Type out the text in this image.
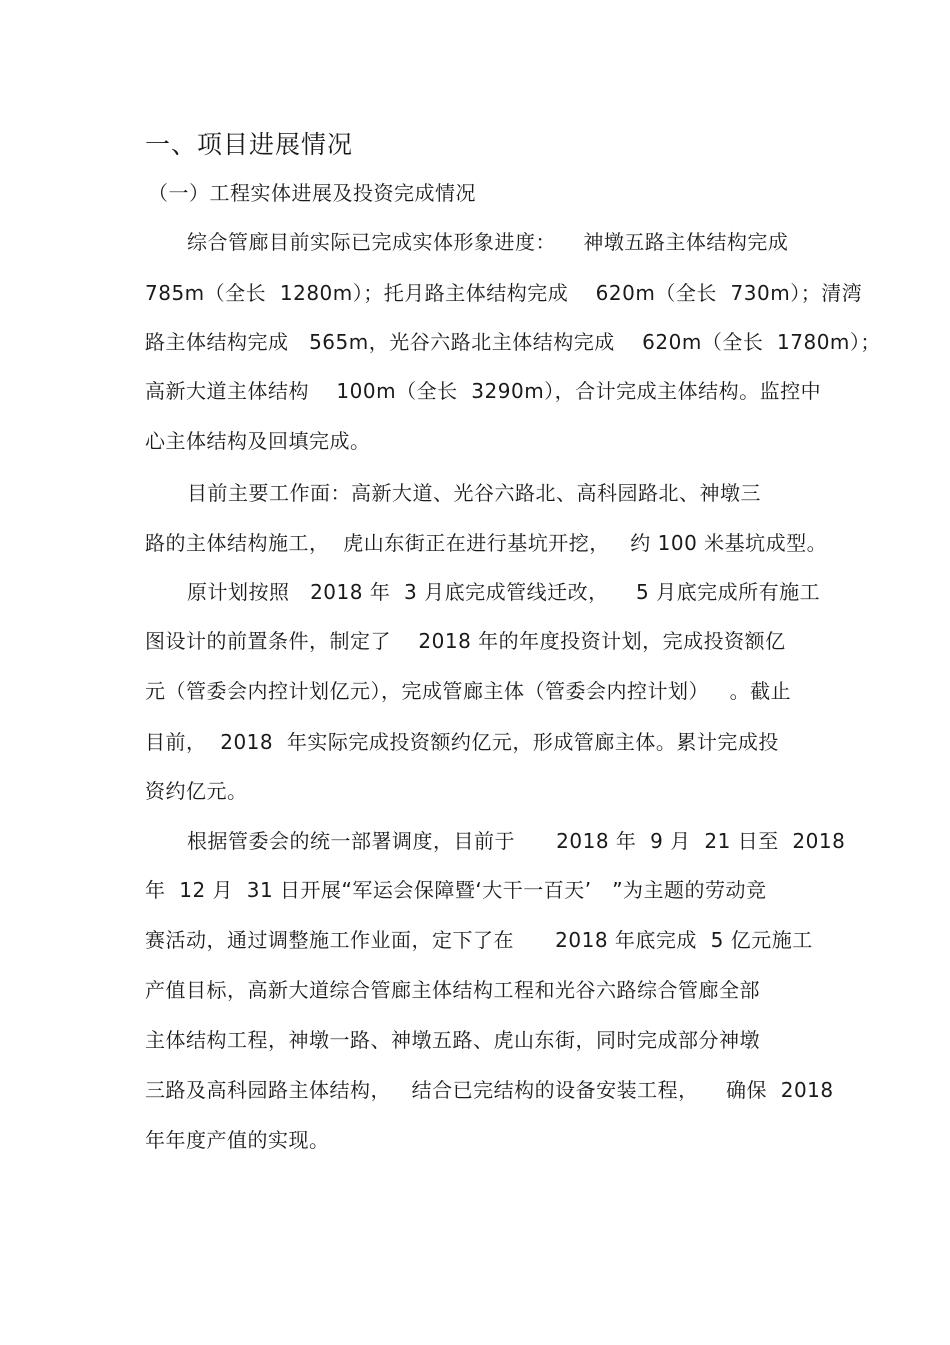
一、项目进展情况
（一）工程实体进展及投资完成情况
综合管廊目前实际已完成实体形象进度：    神墩五路主体结构完成
785m（全长  1280m）；托月路主体结构完成    620m（全长  730m）；清湾
路主体结构完成   565m，光谷六路北主体结构完成    620m（全长  1780m）；
高新大道主体结构    100m（全长  3290m），合计完成主体结构。监控中
心主体结构及回填完成。
目前主要工作面：高新大道、光谷六路北、高科园路北、神墩三
路的主体结构施工，  虎山东街正在进行基坑开挖，   约 100 米基坑成型。
原计划按照   2018 年  3 月底完成管线迁改，    5 月底完成所有施工
图设计的前置条件，制定了    2018 年的年度投资计划，完成投资额亿
元（管委会内控计划亿元），完成管廊主体（管委会内控计划）   。截止
目前，  2018  年实际完成投资额约亿元，形成管廊主体。累计完成投
资约亿元。
根据管委会的统一部署调度，目前于      2018 年  9 月  21 日至  2018
年  12 月  31 日开展“军运会保障暨‘大干一百天’   ”为主题的劳动竞
赛活动，通过调整施工作业面，定下了在      2018 年底完成  5 亿元施工
产值目标，高新大道综合管廊主体结构工程和光谷六路综合管廊全部
主体结构工程，神墩一路、神墩五路、虎山东街，同时完成部分神墩
三路及高科园路主体结构，   结合已完结构的设备安装工程，    确保  2018
年年度产值的实现。
